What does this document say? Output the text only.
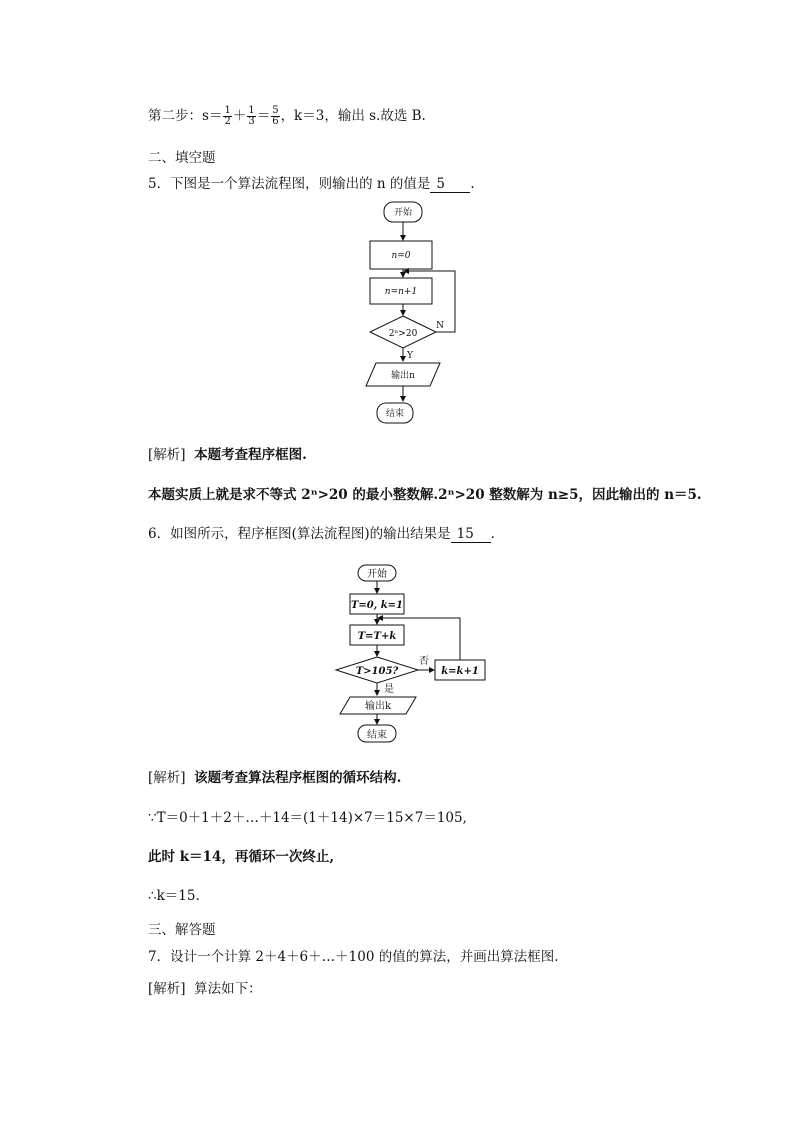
第二步：$s= \frac{1}{2} + \frac{1}{3} = \frac{5}{6}$ ，k＝3，输出 s.故选 B.
二、填空题
5．下图是一个算法流程图，则输出的 n 的值是 5 .
开始
n=0
n=n+1
2ⁿ>20
N
Y
输出n
结束
[解析] 本题考查程序框图.
本题实质上就是求不等式 2ⁿ>20 的最小整数解.2ⁿ>20 整数解为 n≥5，因此输出的 n＝5.
6．如图所示，程序框图(算法流程图)的输出结果是 15 .
开始
T=0, k=1
T=T+k
T>105?
否
是
k=k+1
输出k
结束
[解析] 该题考查算法程序框图的循环结构.
∵T＝0＋1＋2＋…＋14＝(1＋14)×7＝15×7＝105,
此时 k＝14，再循环一次终止,
∴k＝15.
三、解答题
7．设计一个计算 2＋4＋6＋…＋100 的值的算法，并画出算法框图.
[解析] 算法如下：
